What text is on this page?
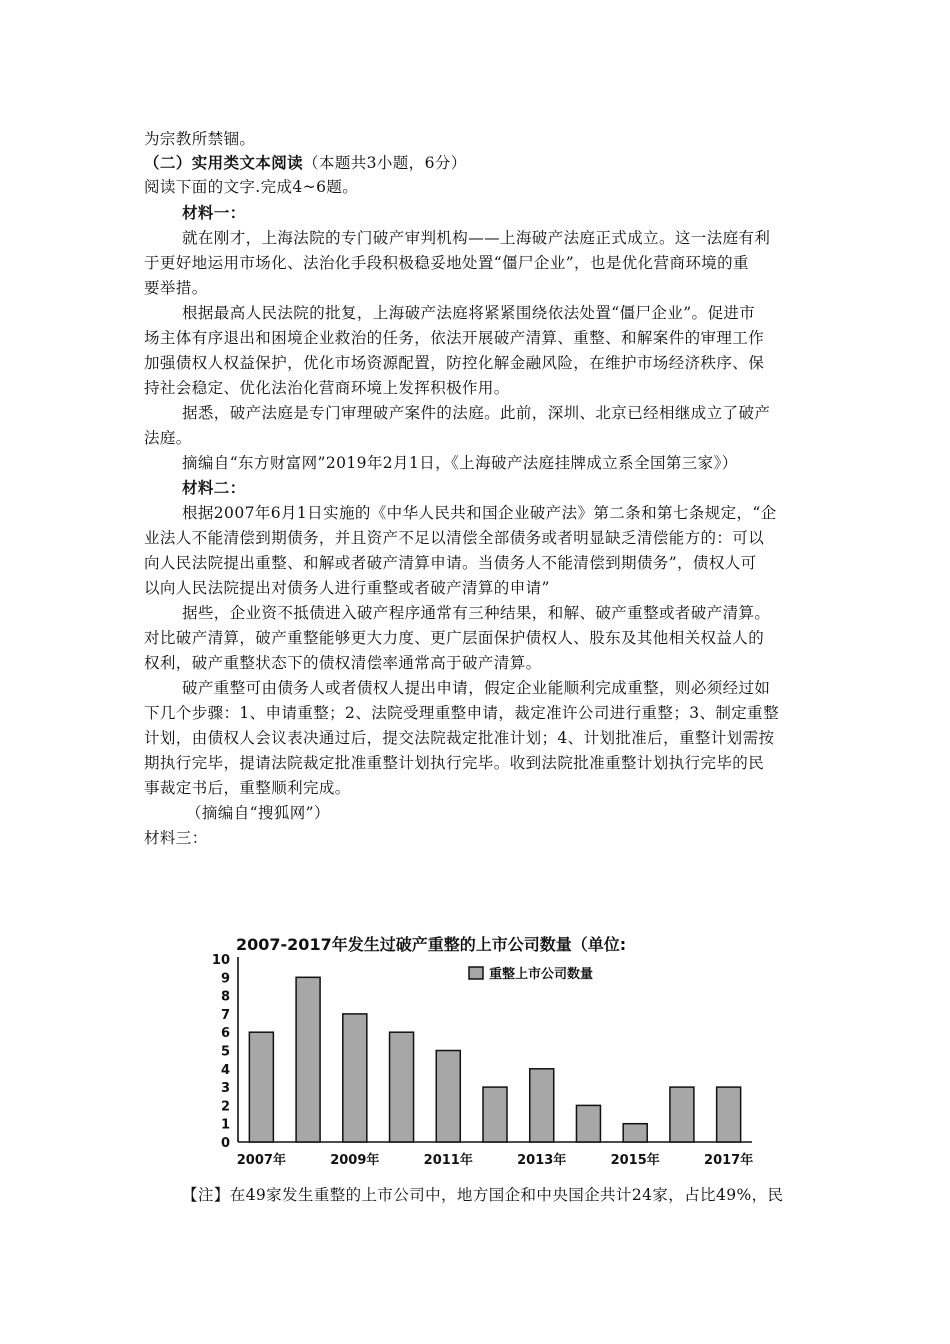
为宗教所禁锢。
（二）实用类文本阅读（本题共3小题，6分）
阅读下面的文字.完成4~6题。
材料一：
就在刚才，上海法院的专门破产审判机构——上海破产法庭正式成立。这一法庭有利
于更好地运用市场化、法治化手段积极稳妥地处置“僵尸企业”，也是优化营商环境的重
要举措。
根据最高人民法院的批复，上海破产法庭将紧紧围绕依法处置“僵尸企业”。促进市
场主体有序退出和困境企业救治的任务，依法开展破产清算、重整、和解案件的审理工作
加强债权人权益保护，优化市场资源配置，防控化解金融风险，在维护市场经济秩序、保
持社会稳定、优化法治化营商环境上发挥积极作用。
据悉，破产法庭是专门审理破产案件的法庭。此前，深圳、北京已经相继成立了破产
法庭。
摘编自“东方财富网”2019年2月1日，《上海破产法庭挂牌成立系全国第三家》）
材料二：
根据2007年6月1日实施的《中华人民共和国企业破产法》第二条和第七条规定，“企
业法人不能清偿到期债务，并且资产不足以清偿全部债务或者明显缺乏清偿能方的：可以
向人民法院提出重整、和解或者破产清算申请。当债务人不能清偿到期债务”，债权人可
以向人民法院提出对债务人进行重整或者破产清算的申请”
据些，企业资不抵债进入破产程序通常有三种结果，和解、破产重整或者破产清算。
对比破产清算，破产重整能够更大力度、更广层面保护债权人、股东及其他相关权益人的
权利，破产重整状态下的债权清偿率通常高于破产清算。
破产重整可由债务人或者债权人提出申请，假定企业能顺利完成重整，则必须经过如
下几个步骤：1、申请重整；2、法院受理重整申请，裁定准许公司进行重整；3、制定重整
计划，由债权人会议表决通过后，提交法院裁定批准计划；4、计划批准后，重整计划需按
期执行完毕，提请法院裁定批准重整计划执行完毕。收到法院批准重整计划执行完毕的民
事裁定书后，重整顺利完成。
（摘编自“搜狐网”）
材料三：
2007-2017年发生过破产重整的上市公司数量（单位:
重整上市公司数量
0
1
2
3
4
5
6
7
8
9
10
2007年	2009年	2011年	2013年	2015年	2017年
【注】在49家发生重整的上市公司中，地方国企和中央国企共计24家，占比49%，民
